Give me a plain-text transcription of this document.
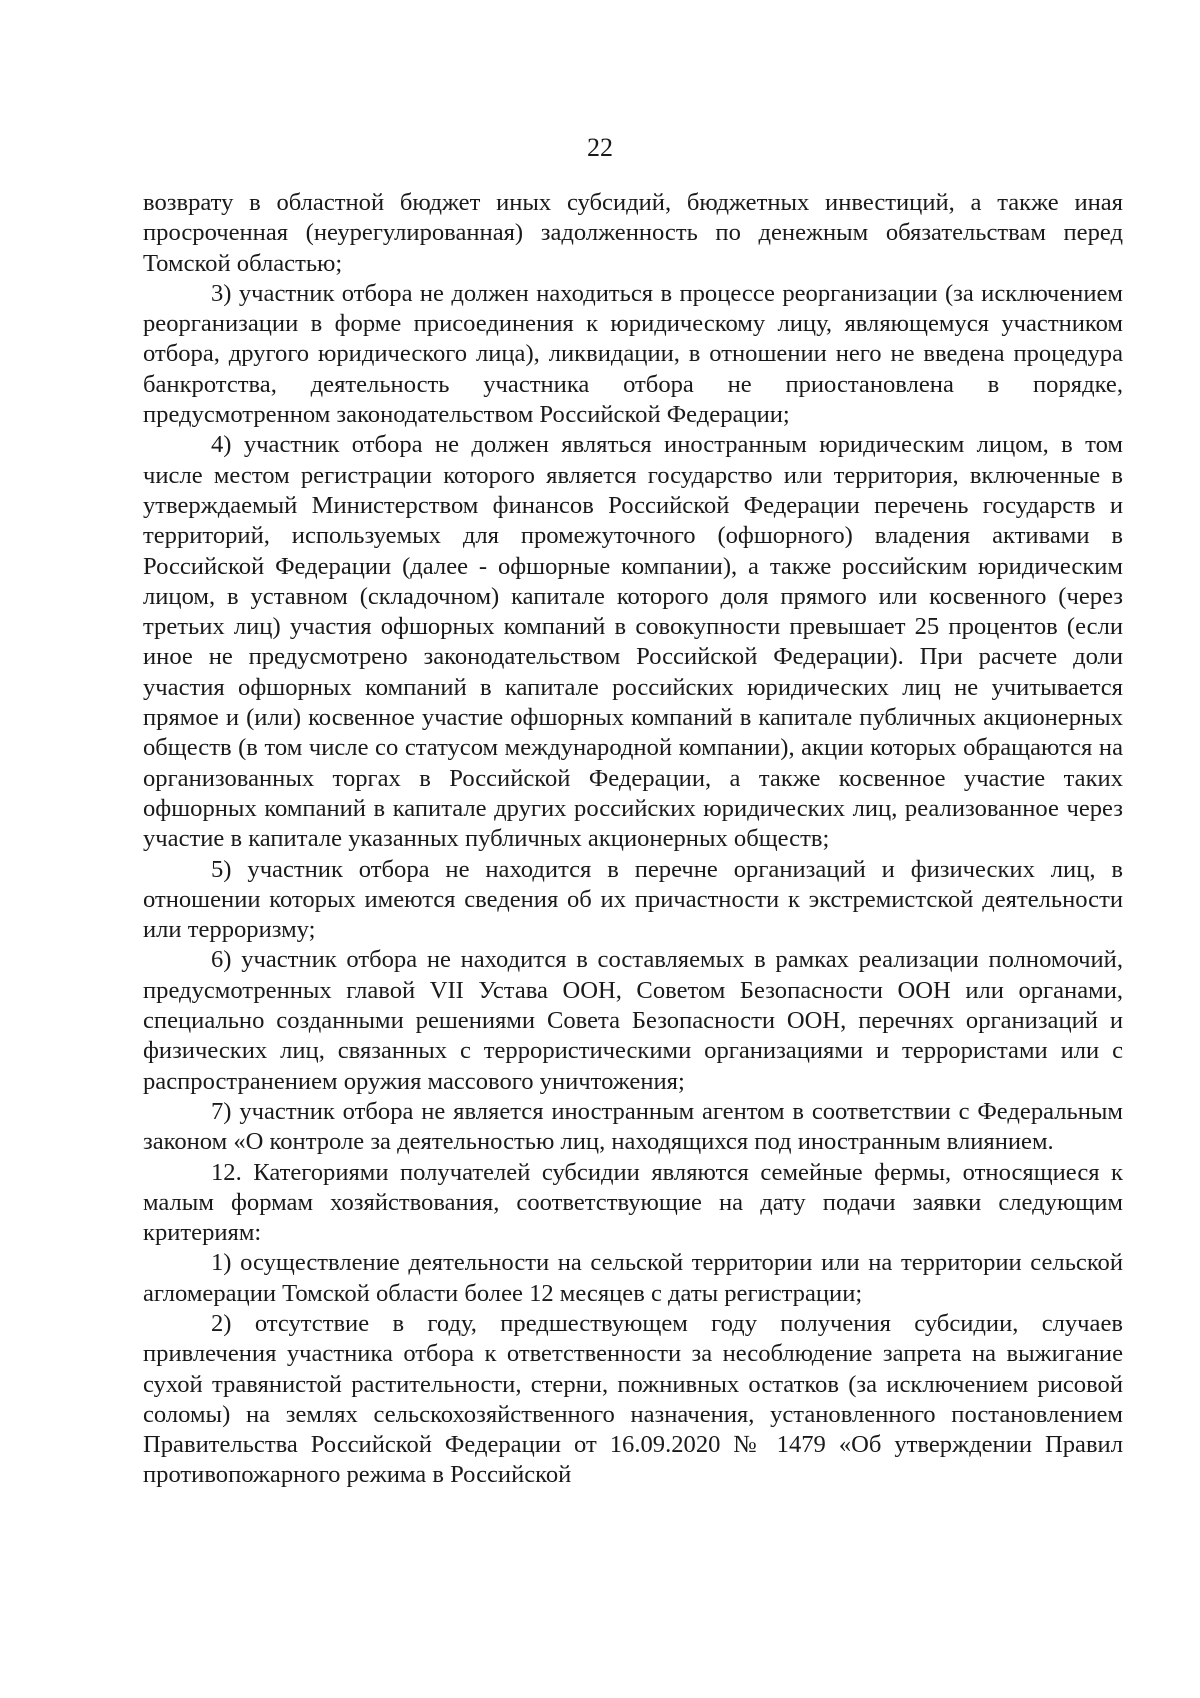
22

возврату в областной бюджет иных субсидий, бюджетных инвестиций, а также иная просроченная (неурегулированная) задолженность по денежным обязательствам перед Томской областью;

3) участник отбора не должен находиться в процессе реорганизации (за исключением реорганизации в форме присоединения к юридическому лицу, являющемуся участником отбора, другого юридического лица), ликвидации, в отношении него не введена процедура банкротства, деятельность участника отбора не приостановлена в порядке, предусмотренном законодательством Российской Федерации;

4) участник отбора не должен являться иностранным юридическим лицом, в том числе местом регистрации которого является государство или территория, включенные в утверждаемый Министерством финансов Российской Федерации перечень государств и территорий, используемых для промежуточного (офшорного) владения активами в Российской Федерации (далее - офшорные компании), а также российским юридическим лицом, в уставном (складочном) капитале которого доля прямого или косвенного (через третьих лиц) участия офшорных компаний в совокупности превышает 25 процентов (если иное не предусмотрено законодательством Российской Федерации). При расчете доли участия офшорных компаний в капитале российских юридических лиц не учитывается прямое и (или) косвенное участие офшорных компаний в капитале публичных акционерных обществ (в том числе со статусом международной компании), акции которых обращаются на организованных торгах в Российской Федерации, а также косвенное участие таких офшорных компаний в капитале других российских юридических лиц, реализованное через участие в капитале указанных публичных акционерных обществ;

5) участник отбора не находится в перечне организаций и физических лиц, в отношении которых имеются сведения об их причастности к экстремистской деятельности или терроризму;

6) участник отбора не находится в составляемых в рамках реализации полномочий, предусмотренных главой VII Устава ООН, Советом Безопасности ООН или органами, специально созданными решениями Совета Безопасности ООН, перечнях организаций и физических лиц, связанных с террористическими организациями и террористами или с распространением оружия массового уничтожения;

7) участник отбора не является иностранным агентом в соответствии с Федеральным законом «О контроле за деятельностью лиц, находящихся под иностранным влиянием.

12. Категориями получателей субсидии являются семейные фермы, относящиеся к малым формам хозяйствования, соответствующие на дату подачи заявки следующим критериям:

1) осуществление деятельности на сельской территории или на территории сельской агломерации Томской области более 12 месяцев с даты регистрации;

2) отсутствие в году, предшествующем году получения субсидии, случаев привлечения участника отбора к ответственности за несоблюдение запрета на выжигание сухой травянистой растительности, стерни, пожнивных остатков (за исключением рисовой соломы) на землях сельскохозяйственного назначения, установленного постановлением Правительства Российской Федерации от 16.09.2020 № 1479 «Об утверждении Правил противопожарного режима в Российской
